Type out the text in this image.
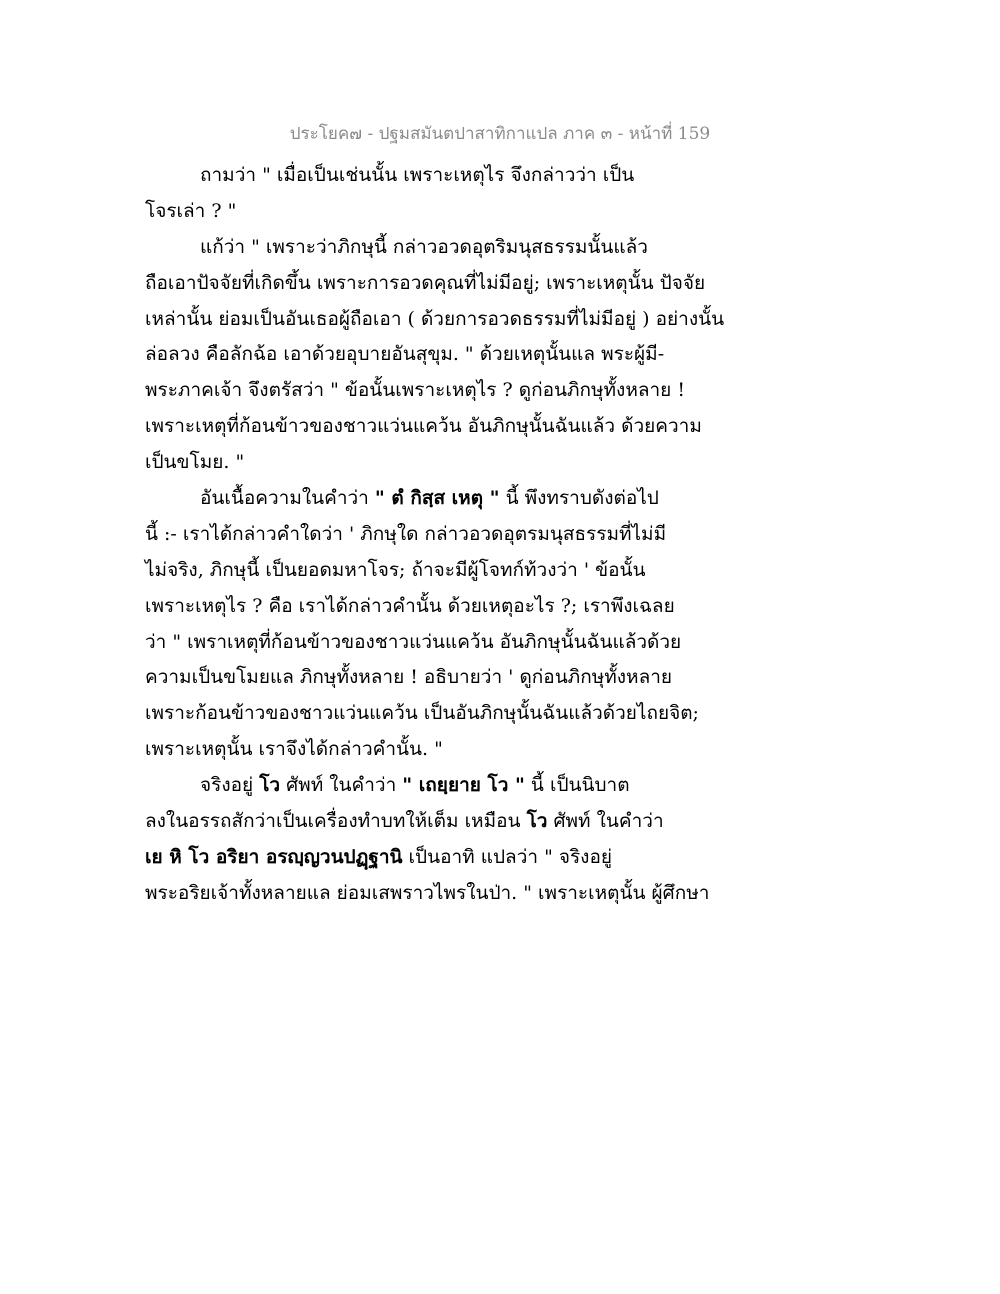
ประโยค๗ - ปฐมสมันตปาสาทิกาแปล ภาค ๓ - หน้าที่ 159
ถามว่า " เมื่อเป็นเช่นนั้น เพราะเหตุไร จึงกล่าวว่า เป็น
โจรเล่า ? "
แก้ว่า " เพราะว่าภิกษุนี้ กล่าวอวดอุตริมนุสธรรมนั้นแล้ว
ถือเอาปัจจัยที่เกิดขึ้น เพราะการอวดคุณที่ไม่มีอยู่; เพราะเหตุนั้น ปัจจัย
เหล่านั้น ย่อมเป็นอันเธอผู้ถือเอา ( ด้วยการอวดธรรมที่ไม่มีอยู่ ) อย่างนั้น
ล่อลวง คือลักฉ้อ เอาด้วยอุบายอันสุขุม. " ด้วยเหตุนั้นแล พระผู้มี-
พระภาคเจ้า จึงตรัสว่า " ข้อนั้นเพราะเหตุไร ? ดูก่อนภิกษุทั้งหลาย !
เพราะเหตุที่ก้อนข้าวของชาวแว่นแคว้น อันภิกษุนั้นฉันแล้ว ด้วยความ
เป็นขโมย. "
อันเนื้อความในคำว่า " ตํ กิสฺส เหตุ " นี้ พึงทราบดังต่อไป
นี้ :- เราได้กล่าวคำใดว่า ' ภิกษุใด กล่าวอวดอุตรมนุสธรรมที่ไม่มี
ไม่จริง, ภิกษุนี้ เป็นยอดมหาโจร; ถ้าจะมีผู้โจทก์ท้วงว่า ' ข้อนั้น
เพราะเหตุไร ? คือ เราได้กล่าวคำนั้น ด้วยเหตุอะไร ?; เราพึงเฉลย
ว่า " เพราเหตุที่ก้อนข้าวของชาวแว่นแคว้น อันภิกษุนั้นฉันแล้วด้วย
ความเป็นขโมยแล ภิกษุทั้งหลาย ! อธิบายว่า ' ดูก่อนภิกษุทั้งหลาย
เพราะก้อนข้าวของชาวแว่นแคว้น เป็นอันภิกษุนั้นฉันแล้วด้วยไถยจิต;
เพราะเหตุนั้น เราจึงได้กล่าวคำนั้น. "
จริงอยู่ โว ศัพท์ ในคำว่า " เถยฺยาย โว " นี้ เป็นนิบาต
ลงในอรรถสักว่าเป็นเครื่องทำบทให้เต็ม เหมือน โว ศัพท์ ในคำว่า
เย หิ โว อริยา อรญฺญวนปฏฺฐานิ เป็นอาทิ แปลว่า " จริงอยู่
พระอริยเจ้าทั้งหลายแล ย่อมเสพราวไพรในป่า. " เพราะเหตุนั้น ผู้ศึกษา
